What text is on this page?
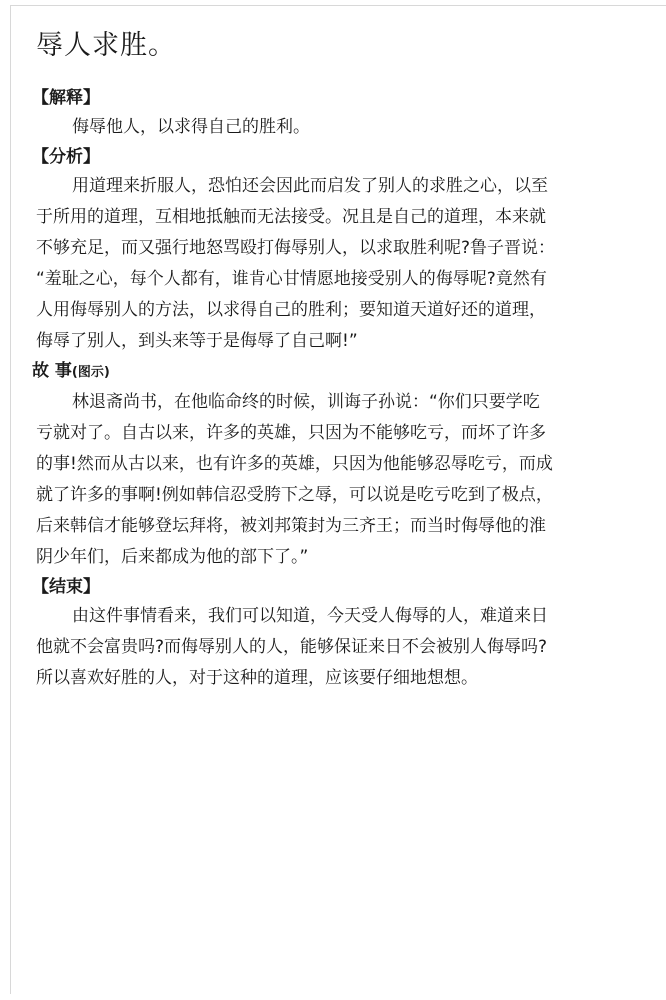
辱人求胜。
【解释】
侮辱他人，以求得自己的胜利。
【分析】
用道理来折服人，恐怕还会因此而启发了别人的求胜之心，以至
于所用的道理，互相地抵触而无法接受。况且是自己的道理，本来就
不够充足，而又强行地怒骂殴打侮辱别人，以求取胜利呢?鲁子晋说：
“羞耻之心，每个人都有，谁肯心甘情愿地接受别人的侮辱呢?竟然有
人用侮辱别人的方法，以求得自己的胜利；要知道天道好还的道理，
侮辱了别人，到头来等于是侮辱了自己啊!”
故 事(图示)
林退斋尚书，在他临命终的时候，训诲子孙说：“你们只要学吃
亏就对了。自古以来，许多的英雄，只因为不能够吃亏，而坏了许多
的事!然而从古以来，也有许多的英雄，只因为他能够忍辱吃亏，而成
就了许多的事啊!例如韩信忍受胯下之辱，可以说是吃亏吃到了极点，
后来韩信才能够登坛拜将，被刘邦策封为三齐王；而当时侮辱他的淮
阴少年们，后来都成为他的部下了。”
【结束】
由这件事情看来，我们可以知道，今天受人侮辱的人，难道来日
他就不会富贵吗?而侮辱别人的人，能够保证来日不会被别人侮辱吗?
所以喜欢好胜的人，对于这种的道理，应该要仔细地想想。
